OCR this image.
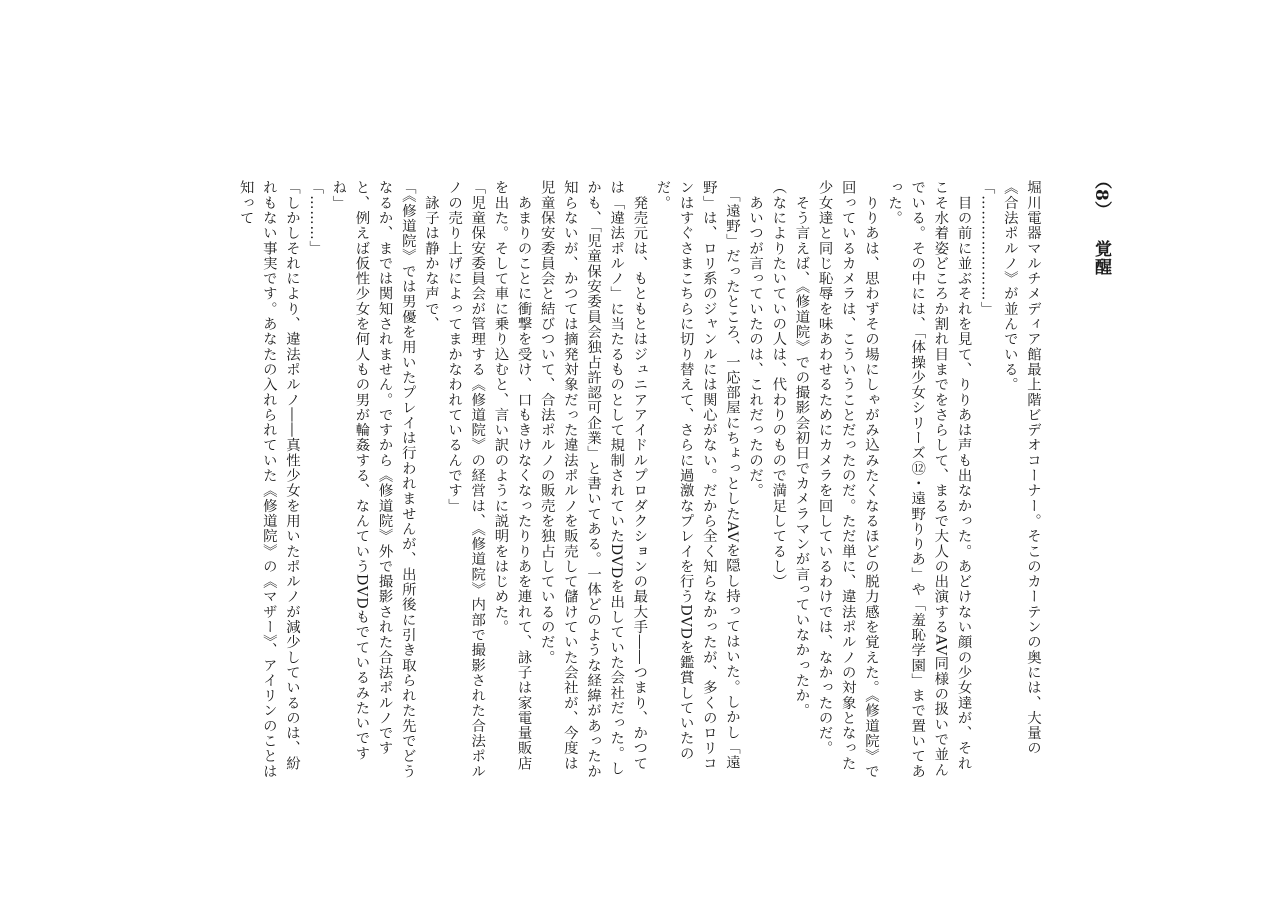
（8）覚醒

堀川電器マルチメディア館最上階ビデオコーナー。そこのカーテンの奥には、大量の《合法ポルノ》が並んでいる。

「…………………」

　目の前に並ぶそれを見て、りりあは声も出なかった。あどけない顔の少女達が、それこそ水着姿どころか割れ目までをさらして、まるで大人の出演するAV同様の扱いで並んでいる。その中には、「体操少女シリーズ⑫・遠野りりあ」や「羞恥学園」まで置いてあった。

　りりあは、思わずその場にしゃがみ込みたくなるほどの脱力感を覚えた。《修道院》で回っているカメラは、こういうことだったのだ。ただ単に、違法ポルノの対象となった少女達と同じ恥辱を味あわせるためにカメラを回しているわけでは、なかったのだ。

　そう言えば、《修道院》での撮影会初日でカメラマンが言っていなかったか。

（なによりたいていの人は、代わりのもので満足してるし）

　あいつが言っていたのは、これだったのだ。

　「遠野」だったところ、一応部屋にちょっとしたAVを隠し持ってはいた。しかし「遠野」は、ロリ系のジャンルには関心がない。だから全く知らなかったが、多くのロリコンはすぐさまこちらに切り替えて、さらに過激なプレイを行うDVDを鑑賞していたのだ。

　発売元は、もともとはジュニアアイドルプロダクションの最大手――つまり、かつては「違法ポルノ」に当たるものとして規制されていたDVDを出していた会社だった。しかも、「児童保安委員会独占許認可企業」と書いてある。一体どのような経緯があったか知らないが、かつては摘発対象だった違法ポルノを販売して儲けていた会社が、今度は児童保安委員会と結びついて、合法ポルノの販売を独占しているのだ。

　あまりのことに衝撃を受け、口もきけなくなったりりあを連れて、詠子は家電量販店を出た。そして車に乗り込むと、言い訳のように説明をはじめた。

「児童保安委員会が管理する《修道院》の経営は、《修道院》内部で撮影された合法ポルノの売り上げによってまかなわれているんです」

　詠子は静かな声で、

「《修道院》では男優を用いたプレイは行われませんが、出所後に引き取られた先でどうなるか、までは関知されません。ですから《修道院》外で撮影された合法ポルノですと、例えば仮性少女を何人もの男が輪姦する、なんていうDVDもでているみたいですね」

「………」

「しかしそれにより、違法ポルノ――真性少女を用いたポルノが減少しているのは、紛れもない事実です。あなたの入れられていた《修道院》の《マザー》、アイリンのことは知って
